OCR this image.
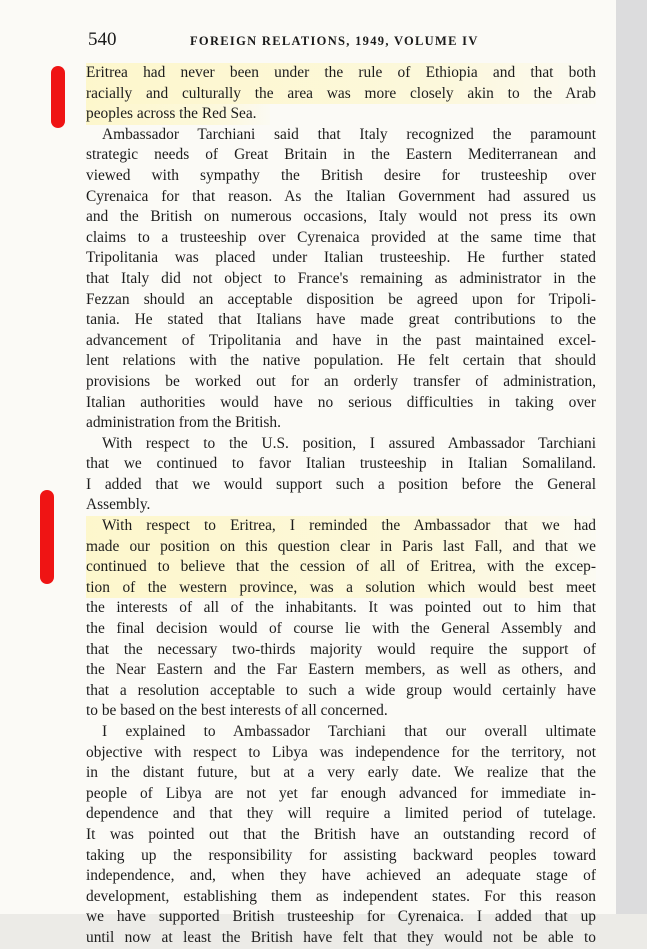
540	FOREIGN RELATIONS, 1949, VOLUME IV
Eritrea had never been under the rule of Ethiopia and that both
racially and culturally the area was more closely akin to the Arab
peoples across the Red Sea.
Ambassador Tarchiani said that Italy recognized the paramount
strategic needs of Great Britain in the Eastern Mediterranean and
viewed with sympathy the British desire for trusteeship over
Cyrenaica for that reason. As the Italian Government had assured us
and the British on numerous occasions, Italy would not press its own
claims to a trusteeship over Cyrenaica provided at the same time that
Tripolitania was placed under Italian trusteeship. He further stated
that Italy did not object to France's remaining as administrator in the
Fezzan should an acceptable disposition be agreed upon for Tripoli-
tania. He stated that Italians have made great contributions to the
advancement of Tripolitania and have in the past maintained excel-
lent relations with the native population. He felt certain that should
provisions be worked out for an orderly transfer of administration,
Italian authorities would have no serious difficulties in taking over
administration from the British.
With respect to the U.S. position, I assured Ambassador Tarchiani
that we continued to favor Italian trusteeship in Italian Somaliland.
I added that we would support such a position before the General
Assembly.
With respect to Eritrea, I reminded the Ambassador that we had
made our position on this question clear in Paris last Fall, and that we
continued to believe that the cession of all of Eritrea, with the excep-
tion of the western province, was a solution which would best meet
the interests of all of the inhabitants. It was pointed out to him that
the final decision would of course lie with the General Assembly and
that the necessary two-thirds majority would require the support of
the Near Eastern and the Far Eastern members, as well as others, and
that a resolution acceptable to such a wide group would certainly have
to be based on the best interests of all concerned.
I explained to Ambassador Tarchiani that our overall ultimate
objective with respect to Libya was independence for the territory, not
in the distant future, but at a very early date. We realize that the
people of Libya are not yet far enough advanced for immediate in-
dependence and that they will require a limited period of tutelage.
It was pointed out that the British have an outstanding record of
taking up the responsibility for assisting backward peoples toward
independence, and, when they have achieved an adequate stage of
development, establishing them as independent states. For this reason
we have supported British trusteeship for Cyrenaica. I added that up
until now at least the British have felt that they would not be able to
